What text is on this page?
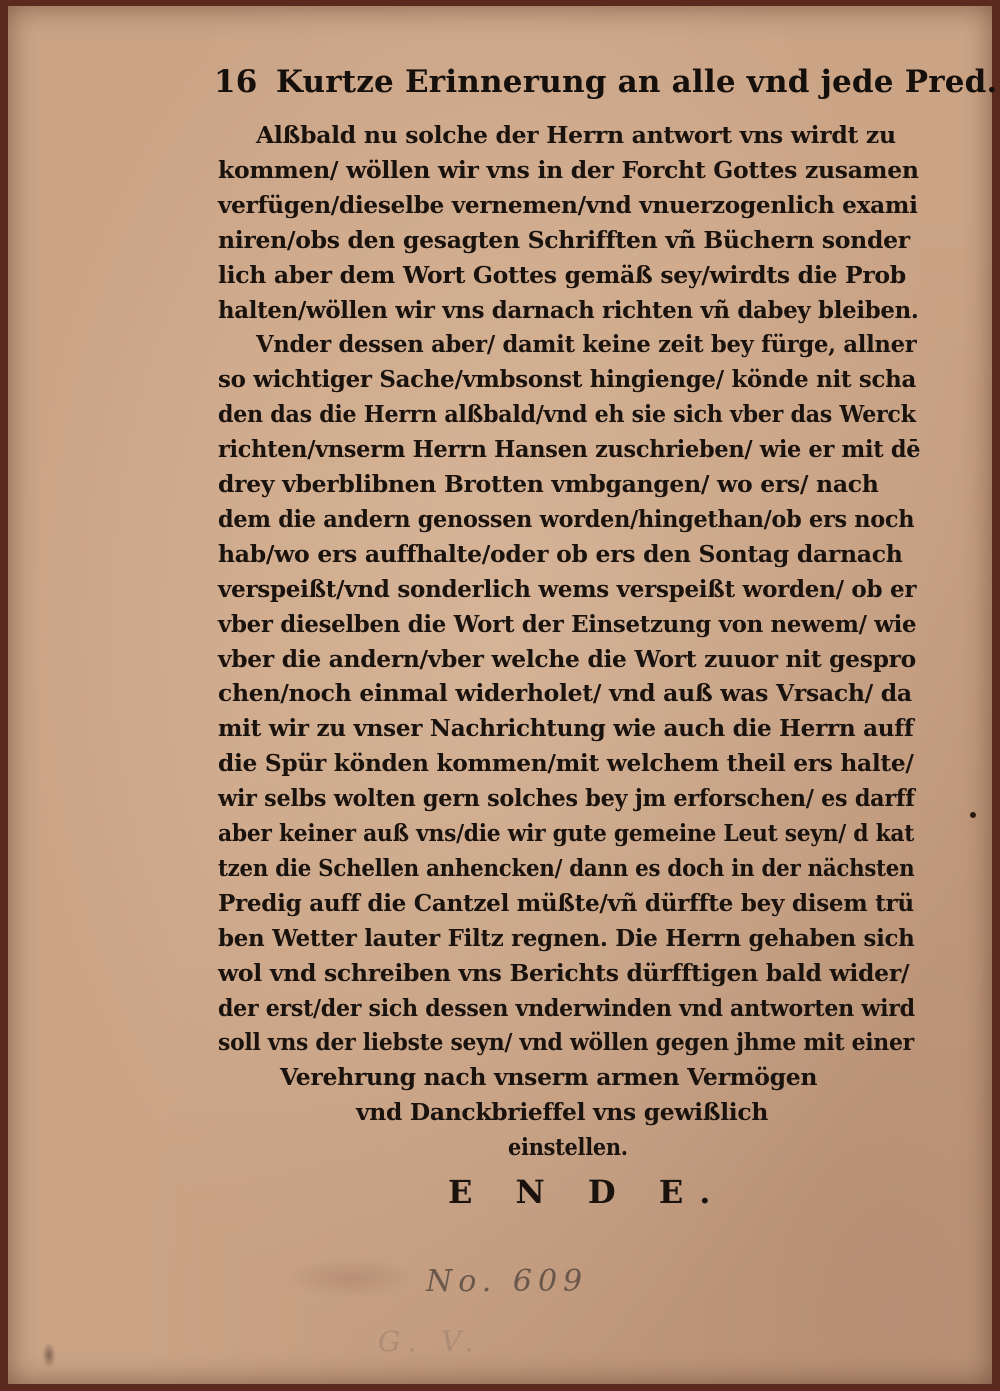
16 Kurtze Erinnerung an alle vnd jede Pred.
Alßbald nu solche der Herrn antwort vns wirdt zu
kommen/ wöllen wir vns in der Forcht Gottes zusamen
verfügen/dieselbe vernemen/vnd vnuerzogenlich exami
niren/obs den gesagten Schrifften vñ Büchern sonder
lich aber dem Wort Gottes gemäß sey/wirdts die Prob
halten/wöllen wir vns darnach richten vñ dabey bleiben.
Vnder dessen aber/ damit keine zeit bey fürge, allner
so wichtiger Sache/vmbsonst hingienge/ könde nit scha
den das die Herrn alßbald/vnd eh sie sich vber das Werck
richten/vnserm Herrn Hansen zuschrieben/ wie er mit dē
drey vberblibnen Brotten vmbgangen/ wo ers/ nach
dem die andern genossen worden/hingethan/ob ers noch
hab/wo ers auffhalte/oder ob ers den Sontag darnach
verspeißt/vnd sonderlich wems verspeißt worden/ ob er
vber dieselben die Wort der Einsetzung von newem/ wie
vber die andern/vber welche die Wort zuuor nit gespro
chen/noch einmal widerholet/ vnd auß was Vrsach/ da
mit wir zu vnser Nachrichtung wie auch die Herrn auff
die Spür könden kommen/mit welchem theil ers halte/
wir selbs wolten gern solches bey jm erforschen/ es darff
aber keiner auß vns/die wir gute gemeine Leut seyn/ d kat
tzen die Schellen anhencken/ dann es doch in der nächsten
Predig auff die Cantzel müßte/vñ dürffte bey disem trü
ben Wetter lauter Filtz regnen. Die Herrn gehaben sich
wol vnd schreiben vns Berichts dürfftigen bald wider/
der erst/der sich dessen vnderwinden vnd antworten wird
soll vns der liebste seyn/ vnd wöllen gegen jhme mit einer
Verehrung nach vnserm armen Vermögen
vnd Danckbrieffel vns gewißlich
einstellen.
E N D E.
No. 609
G. V.
